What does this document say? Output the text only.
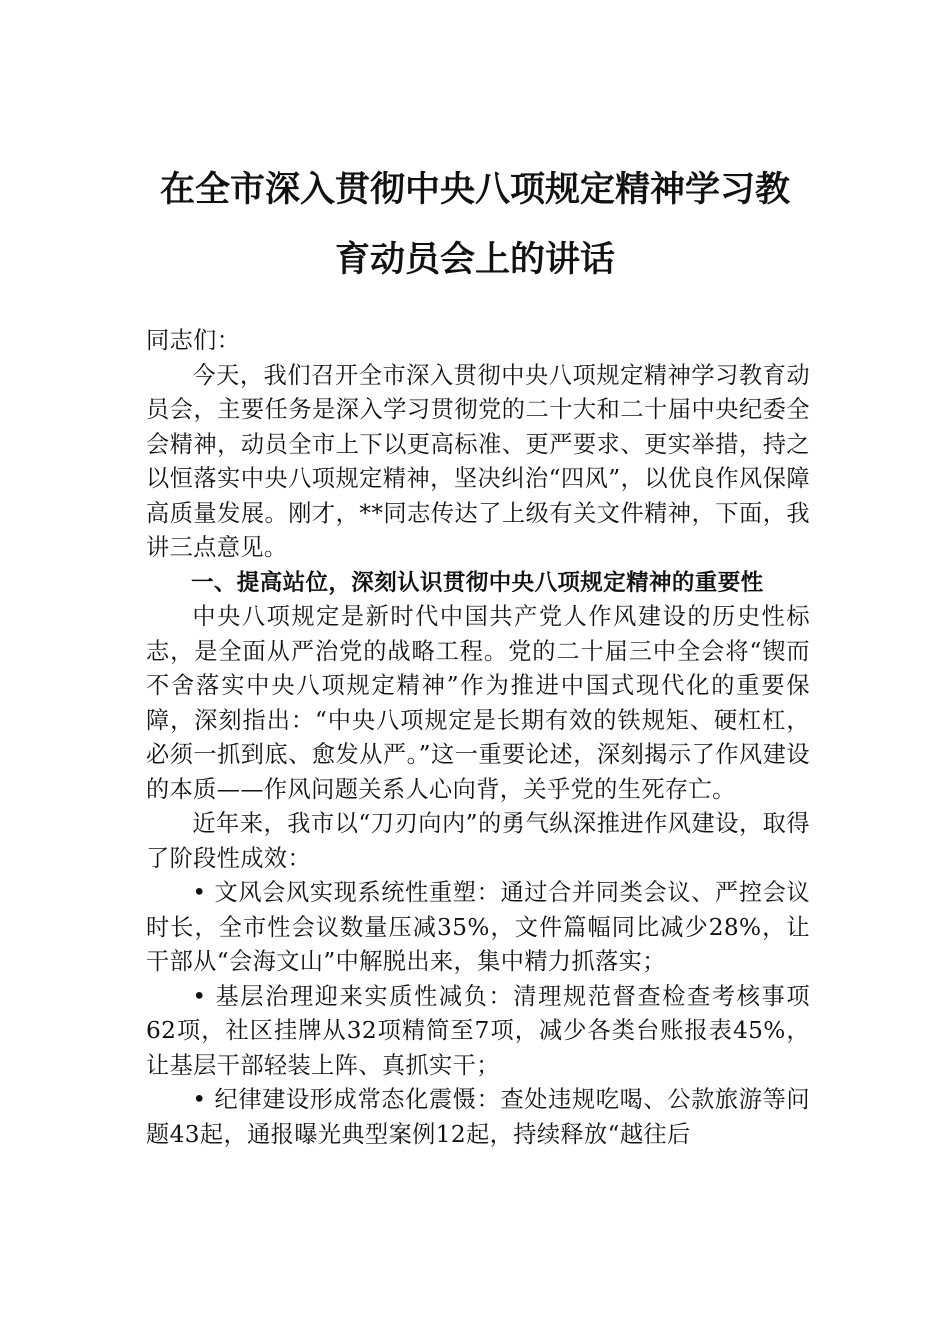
在全市深入贯彻中央八项规定精神学习教
育动员会上的讲话

同志们：

今天，我们召开全市深入贯彻中央八项规定精神学习教育动员会，主要任务是深入学习贯彻党的二十大和二十届中央纪委全会精神，动员全市上下以更高标准、更严要求、更实举措，持之以恒落实中央八项规定精神，坚决纠治“四风”，以优良作风保障高质量发展。刚才，**同志传达了上级有关文件精神，下面，我讲三点意见。

一、提高站位，深刻认识贯彻中央八项规定精神的重要性

中央八项规定是新时代中国共产党人作风建设的历史性标志，是全面从严治党的战略工程。党的二十届三中全会将“锲而不舍落实中央八项规定精神”作为推进中国式现代化的重要保障，深刻指出：“中央八项规定是长期有效的铁规矩、硬杠杠，必须一抓到底、愈发从严。”这一重要论述，深刻揭示了作风建设的本质——作风问题关系人心向背，关乎党的生死存亡。

近年来，我市以“刀刃向内”的勇气纵深推进作风建设，取得了阶段性成效：

• 文风会风实现系统性重塑：通过合并同类会议、严控会议时长，全市性会议数量压减35%，文件篇幅同比减少28%，让干部从“会海文山”中解脱出来，集中精力抓落实；

• 基层治理迎来实质性减负：清理规范督查检查考核事项62项，社区挂牌从32项精简至7项，减少各类台账报表45%，让基层干部轻装上阵、真抓实干；

• 纪律建设形成常态化震慑：查处违规吃喝、公款旅游等问题43起，通报曝光典型案例12起，持续释放“越往后
